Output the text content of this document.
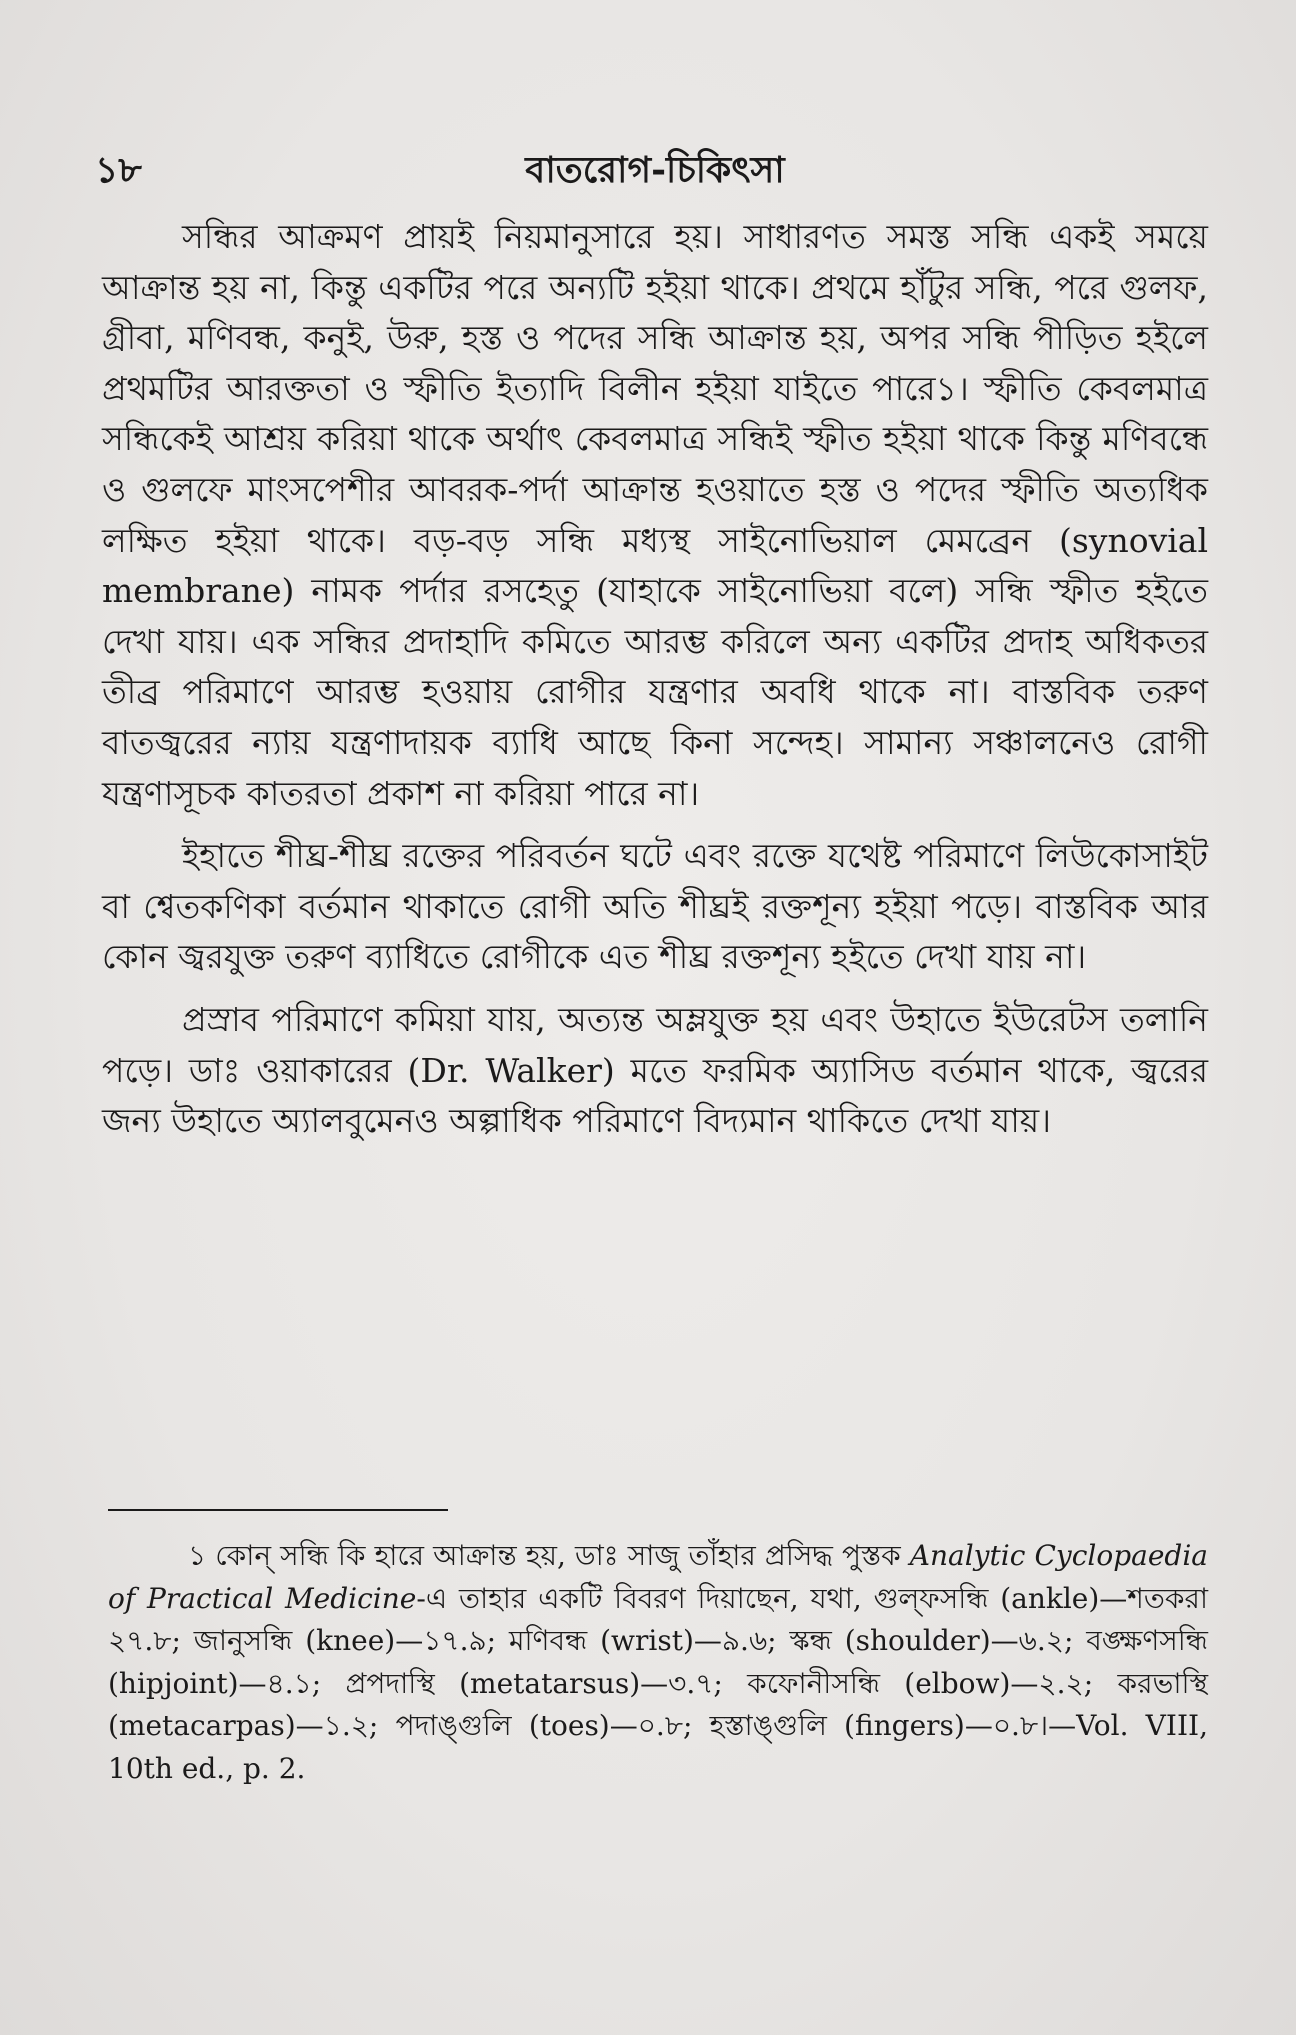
১৮	বাতরোগ-চিকিৎসা

সন্ধির আক্রমণ প্রায়ই নিয়মানুসারে হয়। সাধারণত সমস্ত সন্ধি একই সময়ে আক্রান্ত হয় না, কিন্তু একটির পরে অন্যটি হইয়া থাকে। প্রথমে হাঁটুর সন্ধি, পরে গুলফ, গ্রীবা, মণিবন্ধ, কনুই, উরু, হস্ত ও পদের সন্ধি আক্রান্ত হয়, অপর সন্ধি পীড়িত হইলে প্রথমটির আরক্ততা ও স্ফীতি ইত্যাদি বিলীন হইয়া যাইতে পারে১। স্ফীতি কেবলমাত্র সন্ধিকেই আশ্রয় করিয়া থাকে অর্থাৎ কেবলমাত্র সন্ধিই স্ফীত হইয়া থাকে কিন্তু মণিবন্ধে ও গুলফে মাংসপেশীর আবরক-পর্দা আক্রান্ত হওয়াতে হস্ত ও পদের স্ফীতি অত্যধিক লক্ষিত হইয়া থাকে। বড়-বড় সন্ধি মধ্যস্থ সাইনোভিয়াল মেমব্রেন (synovial membrane) নামক পর্দার রসহেতু (যাহাকে সাইনোভিয়া বলে) সন্ধি স্ফীত হইতে দেখা যায়। এক সন্ধির প্রদাহাদি কমিতে আরম্ভ করিলে অন্য একটির প্রদাহ অধিকতর তীব্র পরিমাণে আরম্ভ হওয়ায় রোগীর যন্ত্রণার অবধি থাকে না। বাস্তবিক তরুণ বাতজ্বরের ন্যায় যন্ত্রণাদায়ক ব্যাধি আছে কিনা সন্দেহ। সামান্য সঞ্চালনেও রোগী যন্ত্রণাসূচক কাতরতা প্রকাশ না করিয়া পারে না।

ইহাতে শীঘ্র-শীঘ্র রক্তের পরিবর্তন ঘটে এবং রক্তে যথেষ্ট পরিমাণে লিউকোসাইট বা শ্বেতকণিকা বর্তমান থাকাতে রোগী অতি শীঘ্রই রক্তশূন্য হইয়া পড়ে। বাস্তবিক আর কোন জ্বরযুক্ত তরুণ ব্যাধিতে রোগীকে এত শীঘ্র রক্তশূন্য হইতে দেখা যায় না।

প্রস্রাব পরিমাণে কমিয়া যায়, অত্যন্ত অম্লযুক্ত হয় এবং উহাতে ইউরেটস তলানি পড়ে। ডাঃ ওয়াকারের (Dr. Walker) মতে ফরমিক অ্যাসিড বর্তমান থাকে, জ্বরের জন্য উহাতে অ্যালবুমেনও অল্পাধিক পরিমাণে বিদ্যমান থাকিতে দেখা যায়।

১ কোন্ সন্ধি কি হারে আক্রান্ত হয়, ডাঃ সাজু তাঁহার প্রসিদ্ধ পুস্তক Analytic Cyclopaedia of Practical Medicine-এ তাহার একটি বিবরণ দিয়াছেন, যথা, গুল্‌ফসন্ধি (ankle)—শতকরা ২৭.৮; জানুসন্ধি (knee)—১৭.৯; মণিবন্ধ (wrist)—৯.৬; স্কন্ধ (shoulder)—৬.২; বঙ্ক্ষণসন্ধি (hipjoint)—৪.১; প্রপদাস্থি (metatarsus)—৩.৭; কফোনীসন্ধি (elbow)—২.২; করভাস্থি (metacarpas)—১.২; পদাঙ্গুলি (toes)—০.৮; হস্তাঙ্গুলি (fingers)—০.৮।—Vol. VIII, 10th ed., p. 2.
